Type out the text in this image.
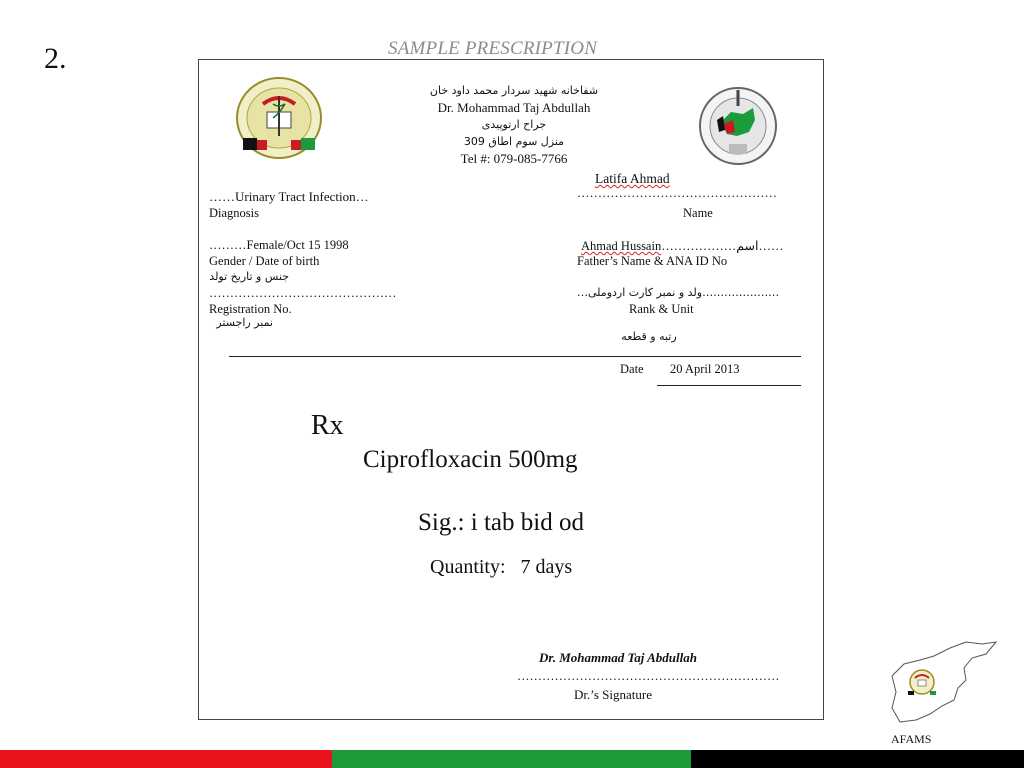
2.	SAMPLE PRESCRIPTION
شفاخانه شهید سردار محمد داود خان
Dr. Mohammad Taj Abdullah
جراح ارتوپیدی
منزل سوم اطاق 309
Tel #: 079-085-7766
Latifa Ahmad
…………………………………………
Name
……Urinary Tract Infection…
Diagnosis
………Female/Oct 15 1998
Gender / Date of birth
جنس و تاریخ تولد
Ahmad Hussain………………اسم……
Father’s Name & ANA ID No
………………………………………
Registration No.
نمبر راجستر
…………………ولد و نمبر کارت اردوملی…
Rank & Unit
رتبه و قطعه
Date 20 April 2013
Rx
Ciprofloxacin 500mg
Sig.: i tab bid od
Quantity: 7 days
Dr. Mohammad Taj Abdullah
………………………………………………………
Dr.’s Signature
AFAMS
